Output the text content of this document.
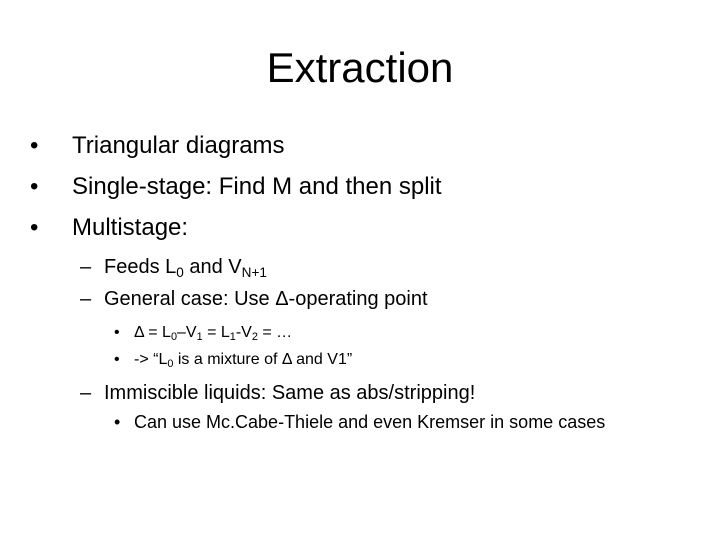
Extraction
• Triangular diagrams
• Single-stage: Find M and then split
• Multistage:
– Feeds $L_0$ and $V_{N+1}$
– General case: Use Δ-operating point
• $\Delta = L_0-V_1 = L_1-V_2$ = …
• -> “$L_0$ is a mixture of Δ and V1”
– Immiscible liquids: Same as abs/stripping!
• Can use Mc.Cabe-Thiele and even Kremser in some cases
